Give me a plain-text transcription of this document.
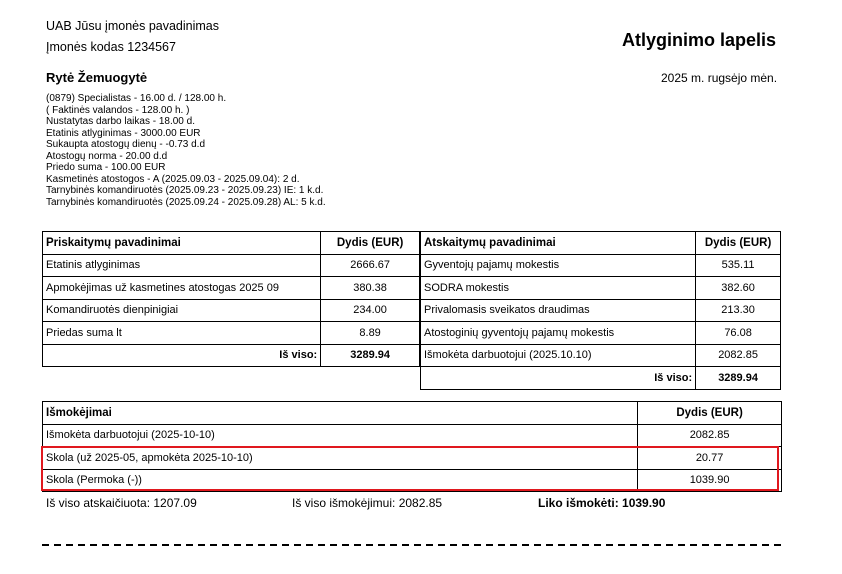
UAB Jūsu įmonės pavadinimas
Įmonės kodas 1234567	Atlyginimo lapelis
Rytė Žemuogytė	2025 m. rugsėjo mėn.
(0879) Specialistas - 16.00 d. / 128.00 h.
( Faktinės valandos - 128.00 h. )
Nustatytas darbo laikas - 18.00 d.
Etatinis atlyginimas - 3000.00 EUR
Sukaupta atostogų dienų - -0.73 d.d
Atostogų norma - 20.00 d.d
Priedo suma - 100.00 EUR
Kasmetinės atostogos - A (2025.09.03 - 2025.09.04): 2 d.
Tarnybinės komandiruotės (2025.09.23 - 2025.09.23) IE: 1 k.d.
Tarnybinės komandiruotės (2025.09.24 - 2025.09.28) AL: 5 k.d.
Priskaitymų pavadinimai	Dydis (EUR)
Etatinis atlyginimas	2666.67
Apmokėjimas už kasmetines atostogas 2025 09	380.38
Komandiruotės dienpinigiai	234.00
Priedas suma lt	8.89
Iš viso:	3289.94
Atskaitymų pavadinimai	Dydis (EUR)
Gyventojų pajamų mokestis	535.11
SODRA mokestis	382.60
Privalomasis sveikatos draudimas	213.30
Atostoginių gyventojų pajamų mokestis	76.08
Išmokėta darbuotojui (2025.10.10)	2082.85
Iš viso:	3289.94
Išmokėjimai	Dydis (EUR)
Išmokėta darbuotojui (2025-10-10)	2082.85
Skola (už 2025-05, apmokėta 2025-10-10)	20.77
Skola (Permoka (-))	1039.90
Iš viso atskaičiuota: 1207.09	Iš viso išmokėjimui: 2082.85	Liko išmokėti: 1039.90
